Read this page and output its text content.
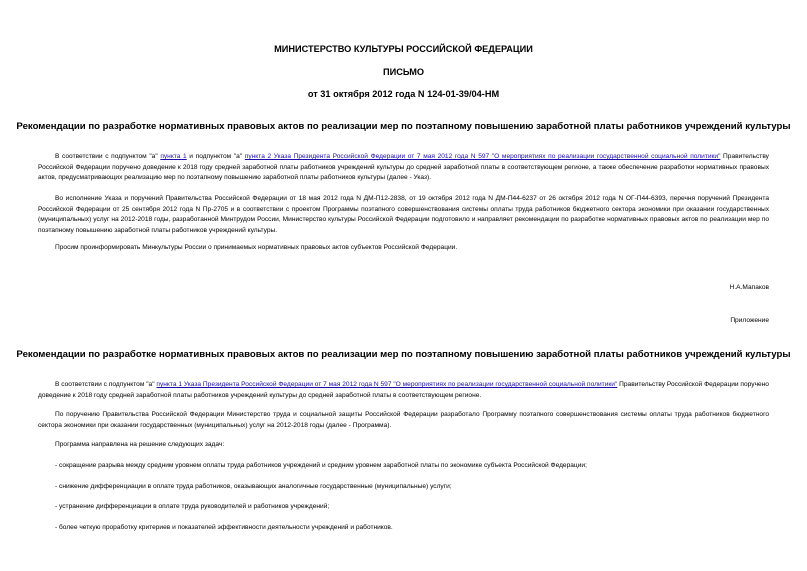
МИНИСТЕРСТВО КУЛЬТУРЫ РОССИЙСКОЙ ФЕДЕРАЦИИ
ПИСЬМО
от 31 октября 2012 года N 124-01-39/04-НМ
Рекомендации по разработке нормативных правовых актов по реализации мер по поэтапному повышению заработной платы работников учреждений культуры
В соответствии с подпунктом "а" пункта 1 и подпунктом "а" пункта 2 Указа Президента Российской Федерации от 7 мая 2012 года N 597 "О мероприятиях по реализации государственной социальной политики" Правительству Российской Федерации поручено доведение к 2018 году средней заработной платы работников учреждений культуры до средней заработной платы в соответствующем регионе, а также обеспечение разработки нормативных правовых актов, предусматривающих реализацию мер по поэтапному повышению заработной платы работников культуры (далее - Указ).
Во исполнение Указа и поручений Правительства Российской Федерации от 18 мая 2012 года N ДМ-П12-2838, от 19 октября 2012 года N ДМ-П44-6237 от 26 октября 2012 года N ОГ-П44-6393, перечня поручений Президента Российской Федерации от 25 сентября 2012 года N Пр-2705 и в соответствии с проектом Программы поэтапного совершенствования системы оплаты труда работников бюджетного сектора экономики при оказании государственных (муниципальных) услуг на 2012-2018 годы, разработанной Минтрудом России, Министерство культуры Российской Федерации подготовило и направляет рекомендации по разработке нормативных правовых актов по реализации мер по поэтапному повышению заработной платы работников учреждений культуры.
Просим проинформировать Минкультуры России о принимаемых нормативных правовых актов субъектов Российской Федерации.
Н.А.Мапаков
Приложение
Рекомендации по разработке нормативных правовых актов по реализации мер по поэтапному повышению заработной платы работников учреждений культуры
В соответствии с подпунктом "а" пункта 1 Указа Президента Российской Федерации от 7 мая 2012 года N 597 "О мероприятиях по реализации государственной социальной политики" Правительству Российской Федерации поручено доведение к 2018 году средней заработной платы работников учреждений культуры до средней заработной платы в соответствующем регионе.
По поручению Правительства Российской Федерации Министерство труда и социальной защиты Российской Федерации разработало Программу поэтапного совершенствования системы оплаты труда работников бюджетного сектора экономики при оказании государственных (муниципальных) услуг на 2012-2018 годы (далее - Программа).
Программа направлена на решение следующих задач:
- сокращение разрыва между средним уровнем оплаты труда работников учреждений и средним уровнем заработной платы по экономике субъекта Российской Федерации;
- снижение дифференциации в оплате труда работников, оказывающих аналогичные государственные (муниципальные) услуги;
- устранение дифференциации в оплате труда руководителей и работников учреждений;
- более четкую проработку критериев и показателей эффективности деятельности учреждений и работников.
